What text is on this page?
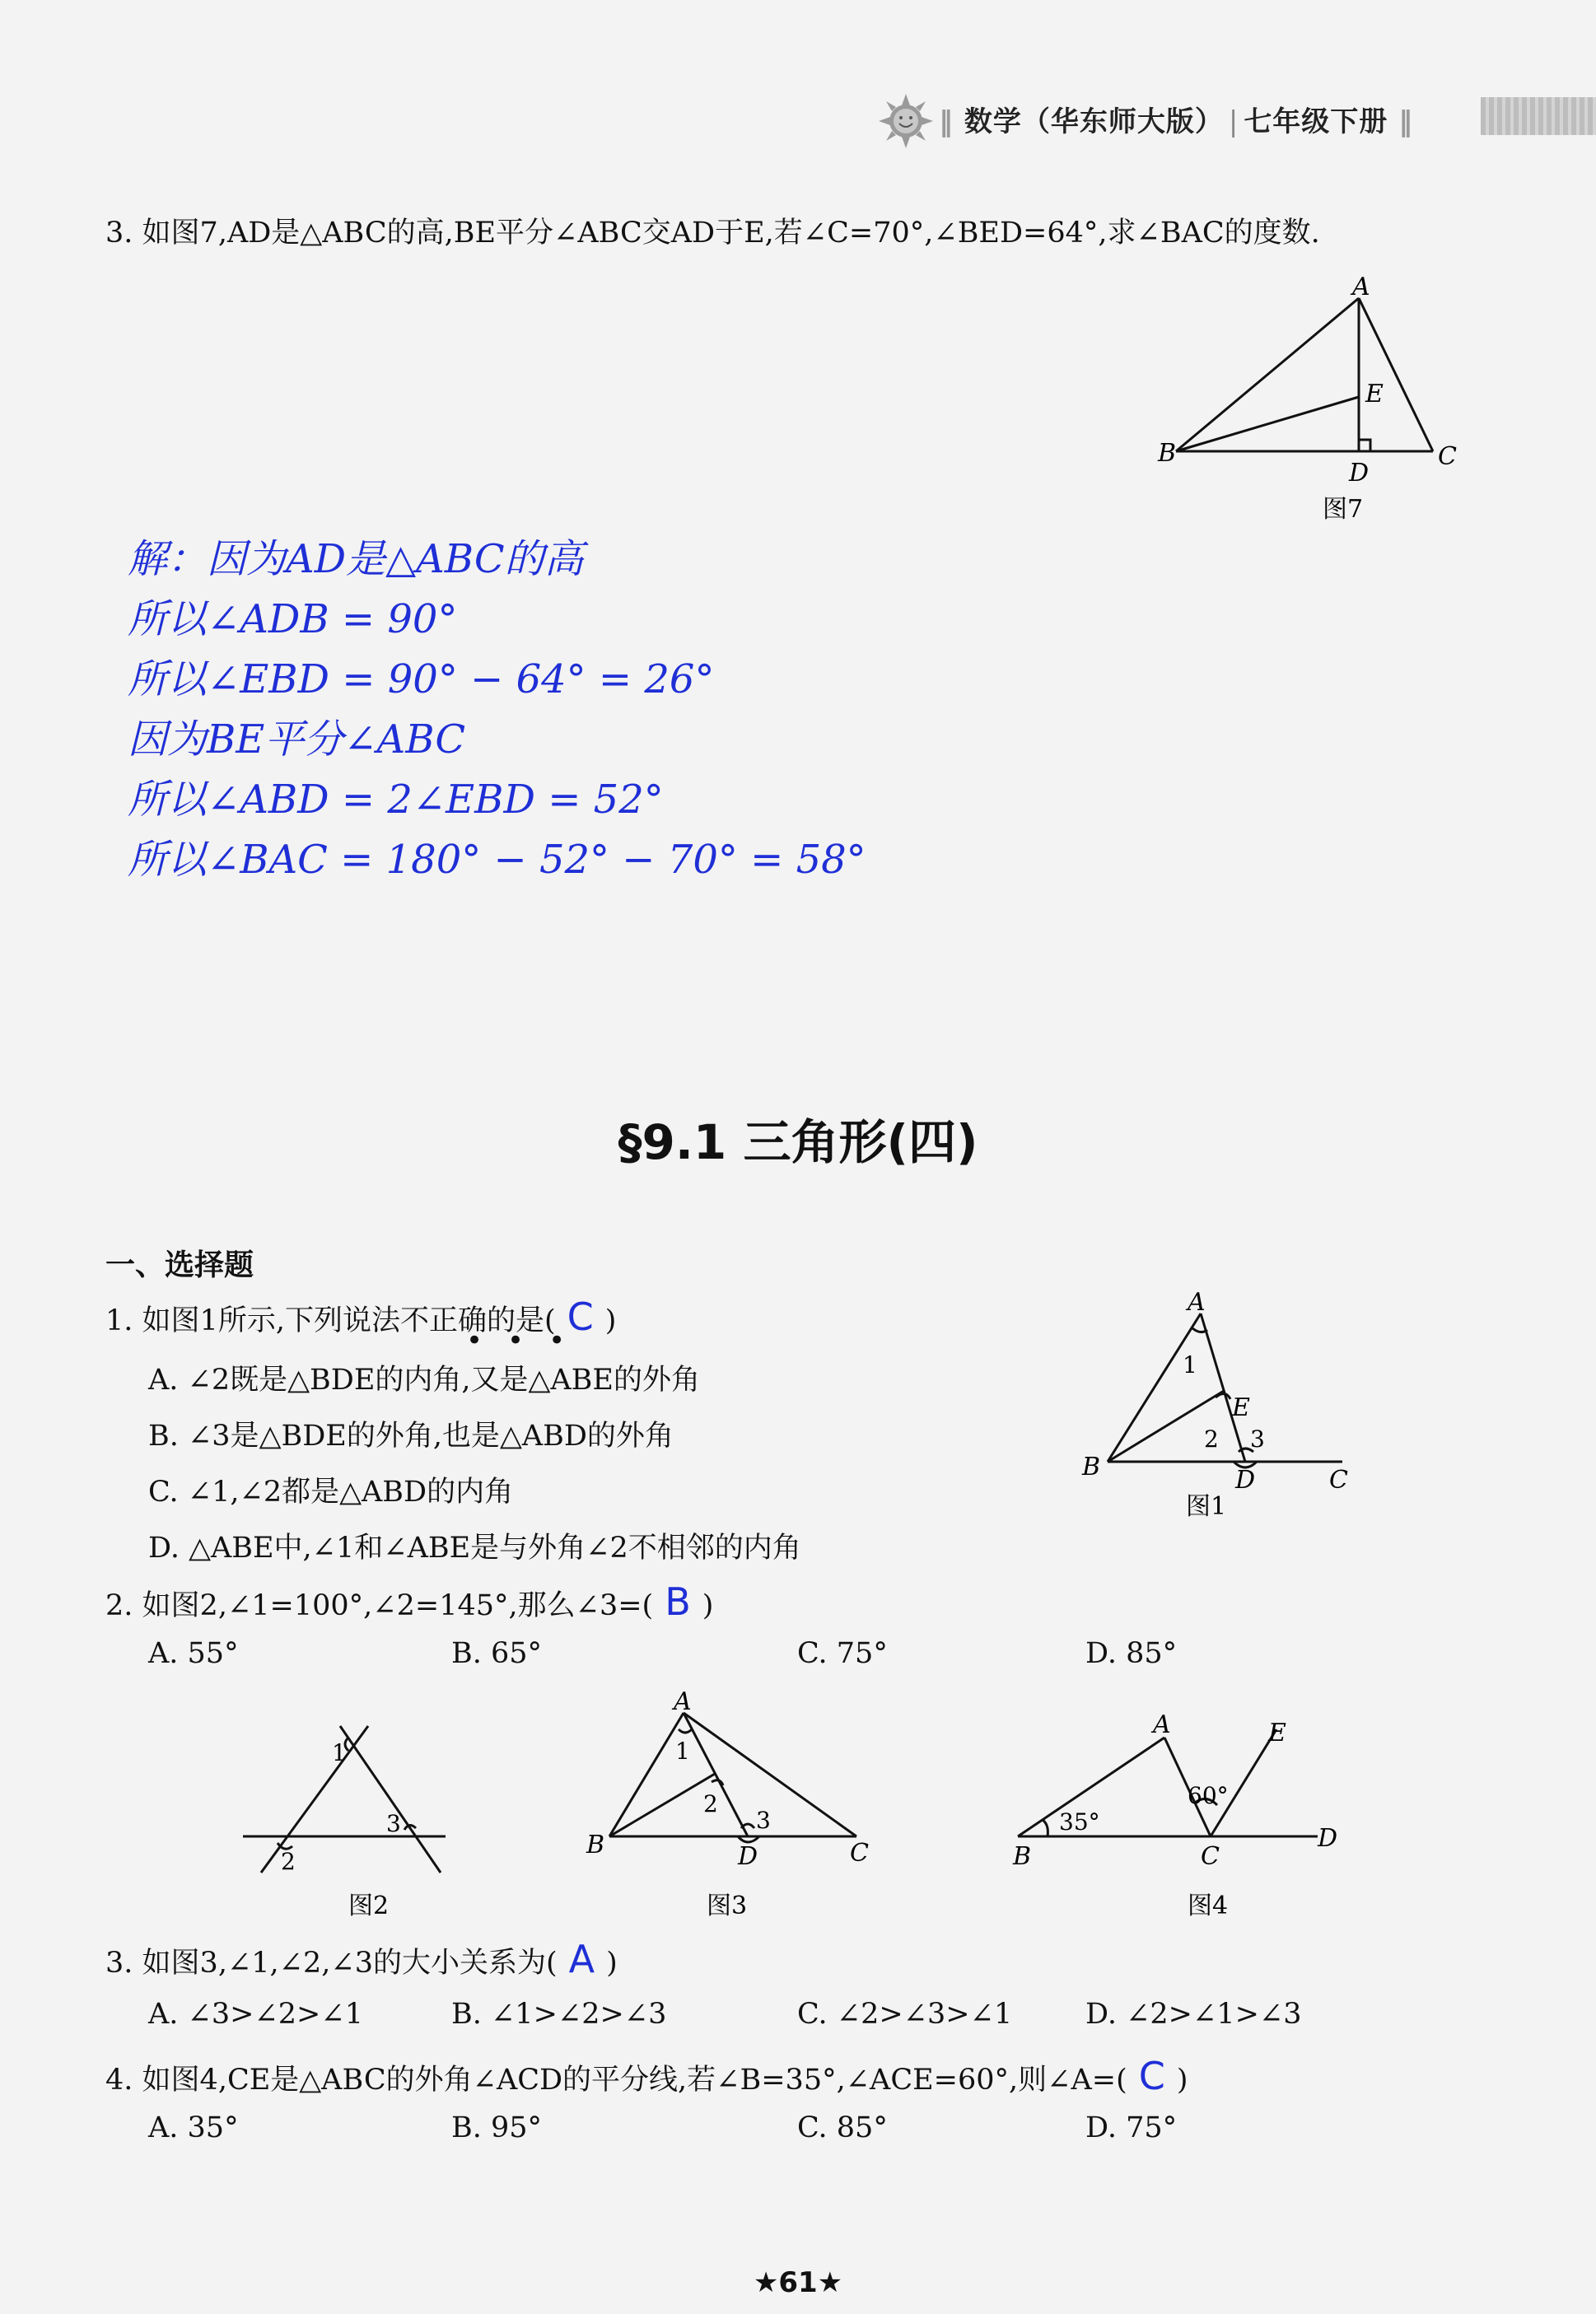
‖ 数学（华东师大版） | 七年级下册 ‖
3. 如图7,AD是△ABC的高,BE平分∠ABC交AD于E,若∠C=70°,∠BED=64°,求∠BAC的度数.
A
E
B
D
C
图7
解：因为AD是△ABC的高
所以∠ADB = 90°
所以∠EBD = 90° − 64° = 26°
因为BE平分∠ABC
所以∠ABD = 2∠EBD = 52°
所以∠BAC = 180° − 52° − 70° = 58°
§9.1 三角形(四)
一、选择题
1. 如图1所示,下列说法不正确的是( C )
•••
A. ∠2既是△BDE的内角,又是△ABE的外角
B. ∠3是△BDE的外角,也是△ABD的外角
C. ∠1,∠2都是△ABD的内角
D. △ABE中,∠1和∠ABE是与外角∠2不相邻的内角
A
1
E
2 3
B	D	C
图1
2. 如图2,∠1=100°,∠2=145°,那么∠3=( B )
A. 55°	B. 65°	C. 75°	D. 85°
1
3
2
图2
A
1
2
3
B	D	C
图3
A	E
60°
35°
B	C
D
图4
3. 如图3,∠1,∠2,∠3的大小关系为( A )
A. ∠3>∠2>∠1	B. ∠1>∠2>∠3	C. ∠2>∠3>∠1	D. ∠2>∠1>∠3
4. 如图4,CE是△ABC的外角∠ACD的平分线,若∠B=35°,∠ACE=60°,则∠A=( C )
A. 35°	B. 95°	C. 85°	D. 75°
★61★
